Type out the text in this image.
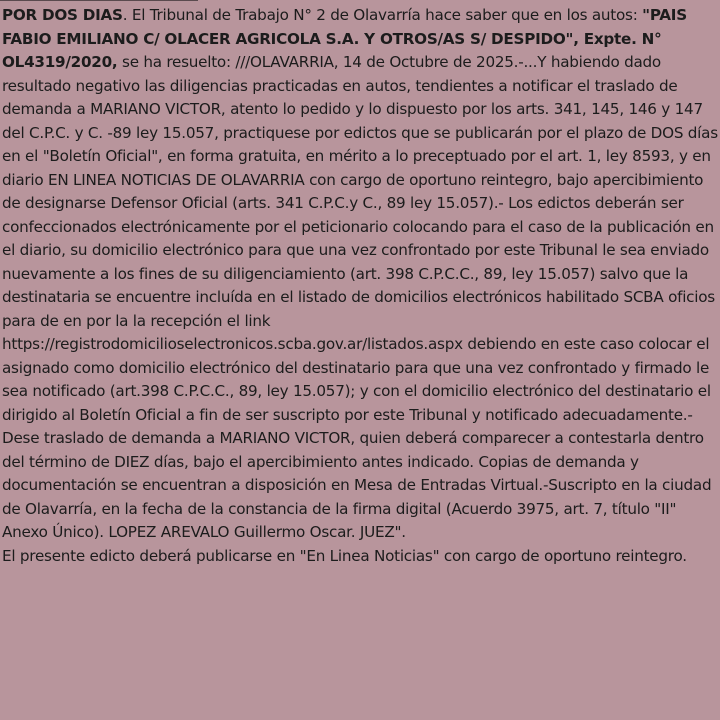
POR DOS DIAS. El Tribunal de Trabajo N° 2 de Olavarría hace saber que en los autos: "PAIS FABIO EMILIANO C/ OLACER AGRICOLA S.A. Y OTROS/AS S/ DESPIDO", Expte. N° OL4319/2020, se ha resuelto: ///OLAVARRIA, 14 de Octubre de 2025.-...Y habiendo dado resultado negativo las diligencias practicadas en autos, tendientes a notificar el traslado de demanda a MARIANO VICTOR, atento lo pedido y lo dispuesto por los arts. 341, 145, 146 y 147 del C.P.C. y C. -89 ley 15.057, practiquese por edictos que se publicarán por el plazo de DOS días en el "Boletín Oficial", en forma gratuita, en mérito a lo preceptuado por el art. 1, ley 8593, y en diario EN LINEA NOTICIAS DE OLAVARRIA con cargo de oportuno reintegro, bajo apercibimiento de designarse Defensor Oficial (arts. 341 C.P.C.y C., 89 ley 15.057).- Los edictos deberán ser confeccionados electrónicamente por el peticionario colocando para el caso de la publicación en el diario, su domicilio electrónico para que una vez confrontado por este Tribunal le sea enviado nuevamente a los fines de su diligenciamiento (art. 398 C.P.C.C., 89, ley 15.057) salvo que la destinataria se encuentre incluída en el listado de domicilios electrónicos habilitado SCBA oficios para de en por la la recepción el link https://registrodomicilioselectronicos.scba.gov.ar/listados.aspx debiendo en este caso colocar el asignado como domicilio electrónico del destinatario para que una vez confrontado y firmado le sea notificado (art.398 C.P.C.C., 89, ley 15.057); y con el domicilio electrónico del destinatario el dirigido al Boletín Oficial a fin de ser suscripto por este Tribunal y notificado adecuadamente.- Dese traslado de demanda a MARIANO VICTOR, quien deberá comparecer a contestarla dentro del término de DIEZ días, bajo el apercibimiento antes indicado. Copias de demanda y documentación se encuentran a disposición en Mesa de Entradas Virtual.-Suscripto en la ciudad de Olavarría, en la fecha de la constancia de la firma digital (Acuerdo 3975, art. 7, título "II" Anexo Único). LOPEZ AREVALO Guillermo Oscar. JUEZ".

El presente edicto deberá publicarse en "En Linea Noticias" con cargo de oportuno reintegro.
